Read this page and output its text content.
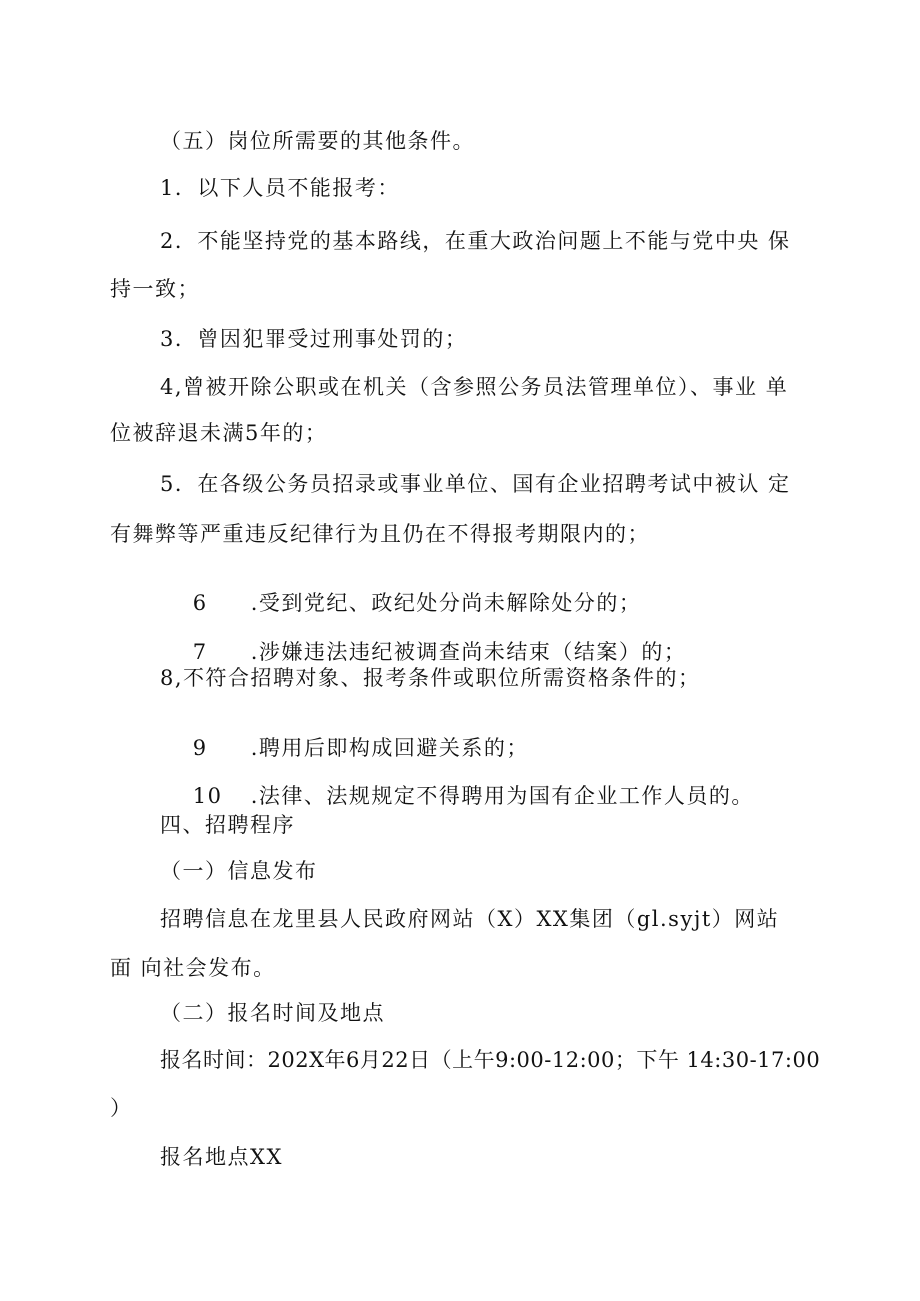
（五）岗位所需要的其他条件。
1．以下人员不能报考：
2．不能坚持党的基本路线，在重大政治问题上不能与党中央 保
持一致；
3．曾因犯罪受过刑事处罚的；
4,曾被开除公职或在机关（含参照公务员法管理单位）、事业 单
位被辞退未满5年的；
5．在各级公务员招录或事业单位、国有企业招聘考试中被认 定
有舞弊等严重违反纪律行为且仍在不得报考期限内的；

6 .受到党纪、政纪处分尚未解除处分的；

7 .涉嫌违法违纪被调查尚未结束（结案）的；

8,不符合招聘对象、报考条件或职位所需资格条件的；

9 .聘用后即构成回避关系的；

10 .法律、法规规定不得聘用为国有企业工作人员的。

四、招聘程序
（一）信息发布
招聘信息在龙里县人民政府网站（X）XX集团（gl.syjt）网站
面 向社会发布。
（二）报名时间及地点
报名时间：202X年6月22日（上午9:00-12:00；下午 14:30-17:00
）
报名地点XX
